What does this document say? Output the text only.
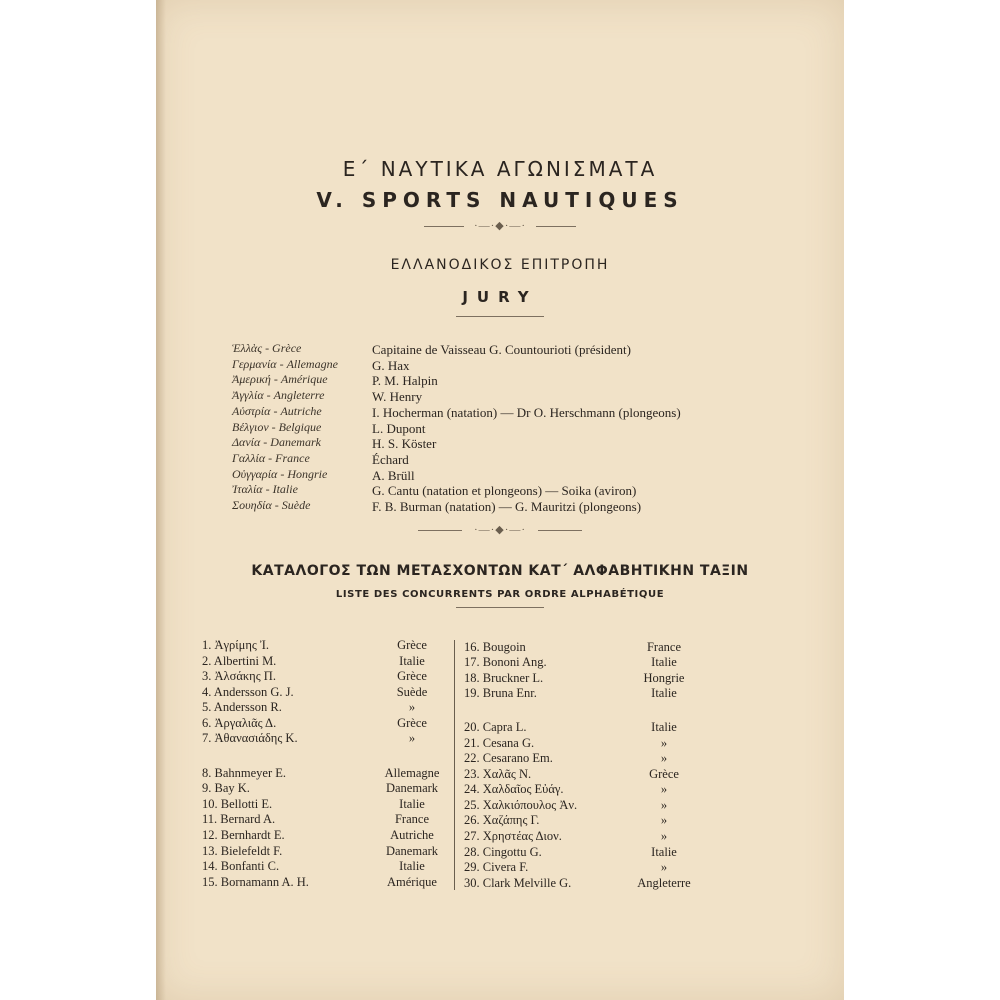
Ε΄ ΝΑΥΤΙΚΑ ΑΓΩΝΙΣΜΑΤΑ
V. SPORTS NAUTIQUES
·—·◆·—·
ΕΛΛΑΝΟΔΙΚΟΣ ΕΠΙΤΡΟΠΗ
JURY
Ἑλλὰς - Grèce	Capitaine de Vaisseau G. Countourioti (président)
Γερμανία - Allemagne	G. Hax
Ἀμερική - Amérique	P. M. Halpin
Ἀγγλία - Angleterre	W. Henry
Αὐστρία - Autriche	I. Hocherman (natation) — Dr O. Herschmann (plongeons)
Βέλγιον - Belgique	L. Dupont
Δανία - Danemark	H. S. Köster
Γαλλία - France	Échard
Οὑγγαρία - Hongrie	A. Brüll
Ἰταλία - Italie	G. Cantu (natation et plongeons) — Soika (aviron)
Σουηδία - Suède	F. B. Burman (natation) — G. Mauritzi (plongeons)
·—·◆·—·
ΚΑΤΑΛΟΓΟΣ ΤΩΝ ΜΕΤΑΣΧΟΝΤΩΝ ΚΑΤ΄ ΑΛΦΑΒΗΤΙΚΗΝ ΤΑΞΙΝ
LISTE DES CONCURRENTS PAR ORDRE ALPHABÉTIQUE
1. Ἀγρίμης Ἰ.	Grèce
2. Albertini M.	Italie
3. Ἀλσάκης Π.	Grèce
4. Andersson G. J.	Suède
5. Andersson R.	»
6. Ἀργαλιᾶς Δ.	Grèce
7. Ἀθανασιάδης Κ.	»
8. Bahnmeyer E.	Allemagne
9. Bay K.	Danemark
10. Bellotti E.	Italie
11. Bernard A.	France
12. Bernhardt E.	Autriche
13. Bielefeldt F.	Danemark
14. Bonfanti C.	Italie
15. Bornamann A. H.	Amérique
16. Bougoin	France
17. Bononi Ang.	Italie
18. Bruckner L.	Hongrie
19. Bruna Enr.	Italie
20. Capra L.	Italie
21. Cesana G.	»
22. Cesarano Em.	»
23. Χαλᾶς Ν.	Grèce
24. Χαλδαῖος Εὐάγ.	»
25. Χαλκιόπουλος Ἀν.	»
26. Χαζάπης Γ.	»
27. Χρηστέας Διον.	»
28. Cingottu G.	Italie
29. Civera F.	»
30. Clark Melville G.	Angleterre
